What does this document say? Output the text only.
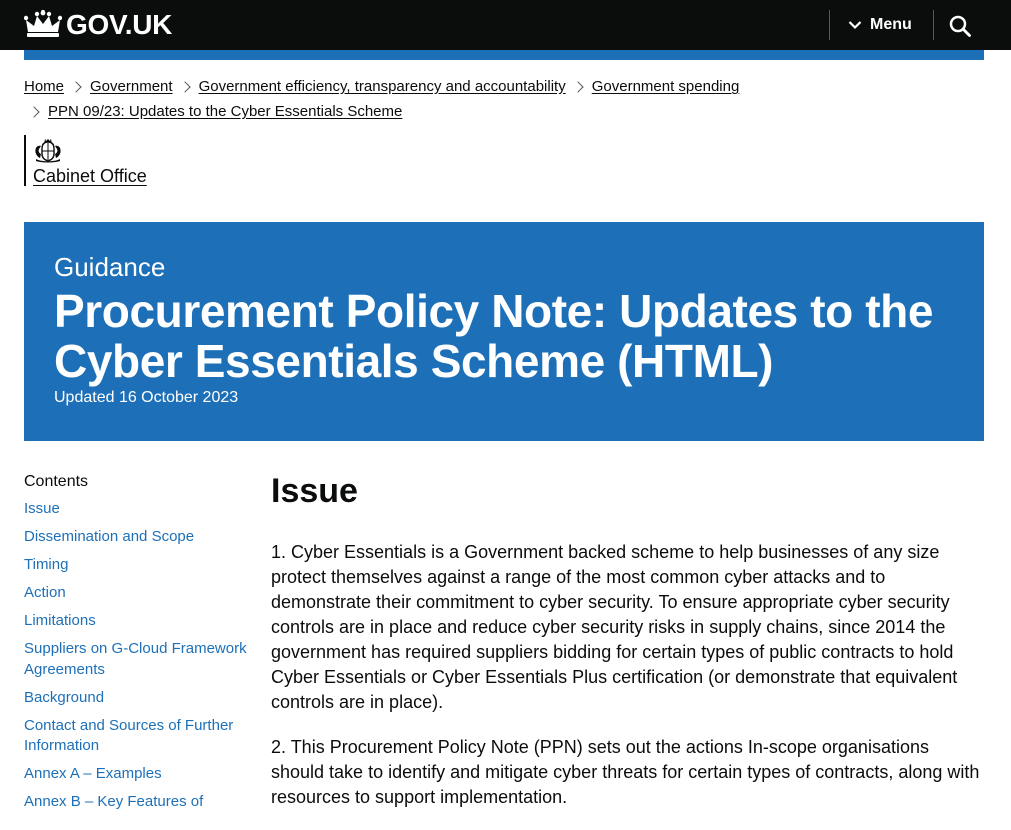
GOV.UK	Menu
Home Government Government efficiency, transparency and accountability Government spending
PPN 09/23: Updates to the Cyber Essentials Scheme
Cabinet Office
Guidance
Procurement Policy Note: Updates to the Cyber Essentials Scheme (HTML)
Updated 16 October 2023
Contents
Issue
Dissemination and Scope
Timing
Action
Limitations
Suppliers on G-Cloud Framework Agreements
Background
Contact and Sources of Further Information
Annex A – Examples
Annex B – Key Features of
Issue

1. Cyber Essentials is a Government backed scheme to help businesses of any size protect themselves against a range of the most common cyber attacks and to demonstrate their commitment to cyber security. To ensure appropriate cyber security controls are in place and reduce cyber security risks in supply chains, since 2014 the government has required suppliers bidding for certain types of public contracts to hold Cyber Essentials or Cyber Essentials Plus certification (or demonstrate that equivalent controls are in place).

2. This Procurement Policy Note (PPN) sets out the actions In-scope organisations should take to identify and mitigate cyber threats for certain types of contracts, along with resources to support implementation.
